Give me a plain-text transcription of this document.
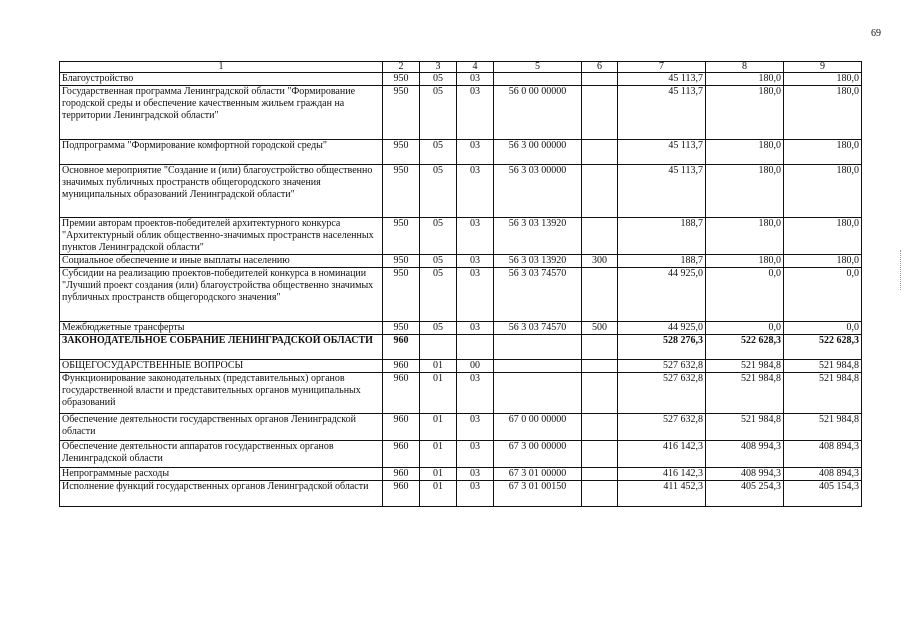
69
1	2	3	4	5	6	7	8	9
Благоустройство	950	05	03			45 113,7	180,0	180,0
Государственная программа Ленинградской области "Формирование городской среды и обеспечение качественным жильем граждан на территории Ленинградской области"	950	05	03	56 0 00 00000		45 113,7	180,0	180,0
Подпрограмма "Формирование комфортной городской среды"	950	05	03	56 3 00 00000		45 113,7	180,0	180,0
Основное мероприятие "Создание и (или) благоустройство общественно значимых публичных пространств общегородского значения муниципальных образований Ленинградской области"	950	05	03	56 3 03 00000		45 113,7	180,0	180,0
Премии авторам проектов-победителей архитектурного конкурса "Архитектурный облик общественно-значимых пространств населенных пунктов Ленинградской области"	950	05	03	56 3 03 13920		188,7	180,0	180,0
Социальное обеспечение и иные выплаты населению	950	05	03	56 3 03 13920	300	188,7	180,0	180,0
Субсидии на реализацию проектов-победителей конкурса в номинации "Лучший проект создания (или) благоустройства общественно значимых публичных пространств общегородского значения"	950	05	03	56 3 03 74570		44 925,0	0,0	0,0
Межбюджетные трансферты	950	05	03	56 3 03 74570	500	44 925,0	0,0	0,0
ЗАКОНОДАТЕЛЬНОЕ СОБРАНИЕ ЛЕНИНГРАДСКОЙ ОБЛАСТИ	960					528 276,3	522 628,3	522 628,3
ОБЩЕГОСУДАРСТВЕННЫЕ ВОПРОСЫ	960	01	00			527 632,8	521 984,8	521 984,8
Функционирование законодательных (представительных) органов государственной власти и представительных органов муниципальных образований	960	01	03			527 632,8	521 984,8	521 984,8
Обеспечение деятельности государственных органов Ленинградской области	960	01	03	67 0 00 00000		527 632,8	521 984,8	521 984,8
Обеспечение деятельности аппаратов государственных органов Ленинградской области	960	01	03	67 3 00 00000		416 142,3	408 994,3	408 894,3
Непрограммные расходы	960	01	03	67 3 01 00000		416 142,3	408 994,3	408 894,3
Исполнение функций государственных органов Ленинградской области	960	01	03	67 3 01 00150		411 452,3	405 254,3	405 154,3
